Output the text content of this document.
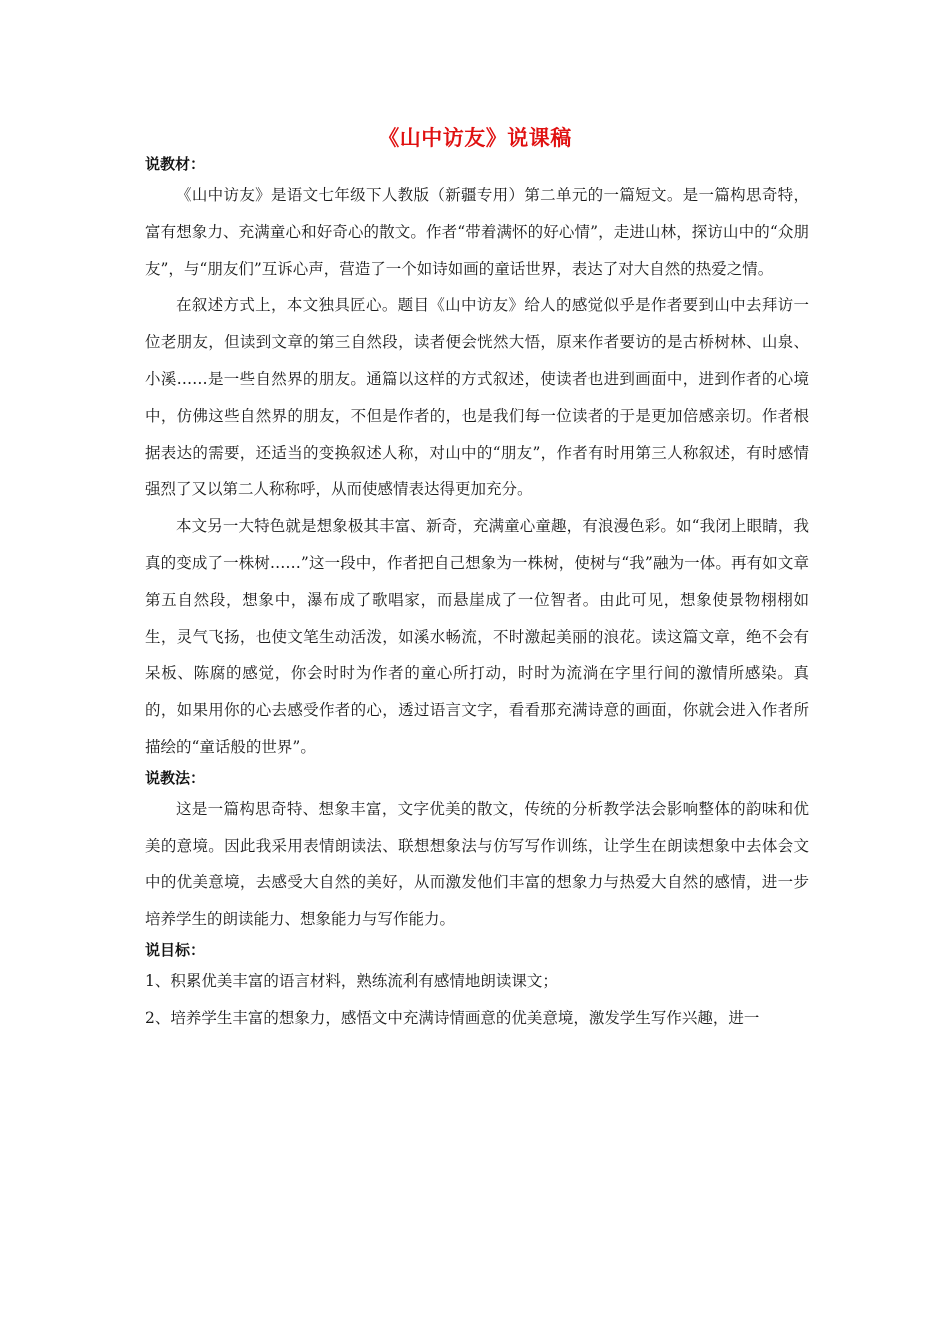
《山中访友》说课稿

说教材：

《山中访友》是语文七年级下人教版（新疆专用）第二单元的一篇短文。是一篇构思奇特，富有想象力、充满童心和好奇心的散文。作者“带着满怀的好心情”，走进山林，探访山中的“众朋友”，与“朋友们”互诉心声，营造了一个如诗如画的童话世界，表达了对大自然的热爱之情。

在叙述方式上，本文独具匠心。题目《山中访友》给人的感觉似乎是作者要到山中去拜访一位老朋友，但读到文章的第三自然段，读者便会恍然大悟，原来作者要访的是古桥树林、山泉、小溪……是一些自然界的朋友。通篇以这样的方式叙述，使读者也进到画面中，进到作者的心境中，仿佛这些自然界的朋友，不但是作者的，也是我们每一位读者的于是更加倍感亲切。作者根据表达的需要，还适当的变换叙述人称，对山中的“朋友”，作者有时用第三人称叙述，有时感情强烈了又以第二人称称呼，从而使感情表达得更加充分。

本文另一大特色就是想象极其丰富、新奇，充满童心童趣，有浪漫色彩。如“我闭上眼睛，我真的变成了一株树……”这一段中，作者把自己想象为一株树，使树与“我”融为一体。再有如文章第五自然段，想象中，瀑布成了歌唱家，而悬崖成了一位智者。由此可见，想象使景物栩栩如生，灵气飞扬，也使文笔生动活泼，如溪水畅流，不时激起美丽的浪花。读这篇文章，绝不会有呆板、陈腐的感觉，你会时时为作者的童心所打动，时时为流淌在字里行间的激情所感染。真的，如果用你的心去感受作者的心，透过语言文字，看看那充满诗意的画面，你就会进入作者所描绘的“童话般的世界”。

说教法：

这是一篇构思奇特、想象丰富，文字优美的散文，传统的分析教学法会影响整体的韵味和优美的意境。因此我采用表情朗读法、联想想象法与仿写写作训练，让学生在朗读想象中去体会文中的优美意境，去感受大自然的美好，从而激发他们丰富的想象力与热爱大自然的感情，进一步培养学生的朗读能力、想象能力与写作能力。

说目标：

1、积累优美丰富的语言材料，熟练流利有感情地朗读课文；

2、培养学生丰富的想象力，感悟文中充满诗情画意的优美意境，激发学生写作兴趣，进一
